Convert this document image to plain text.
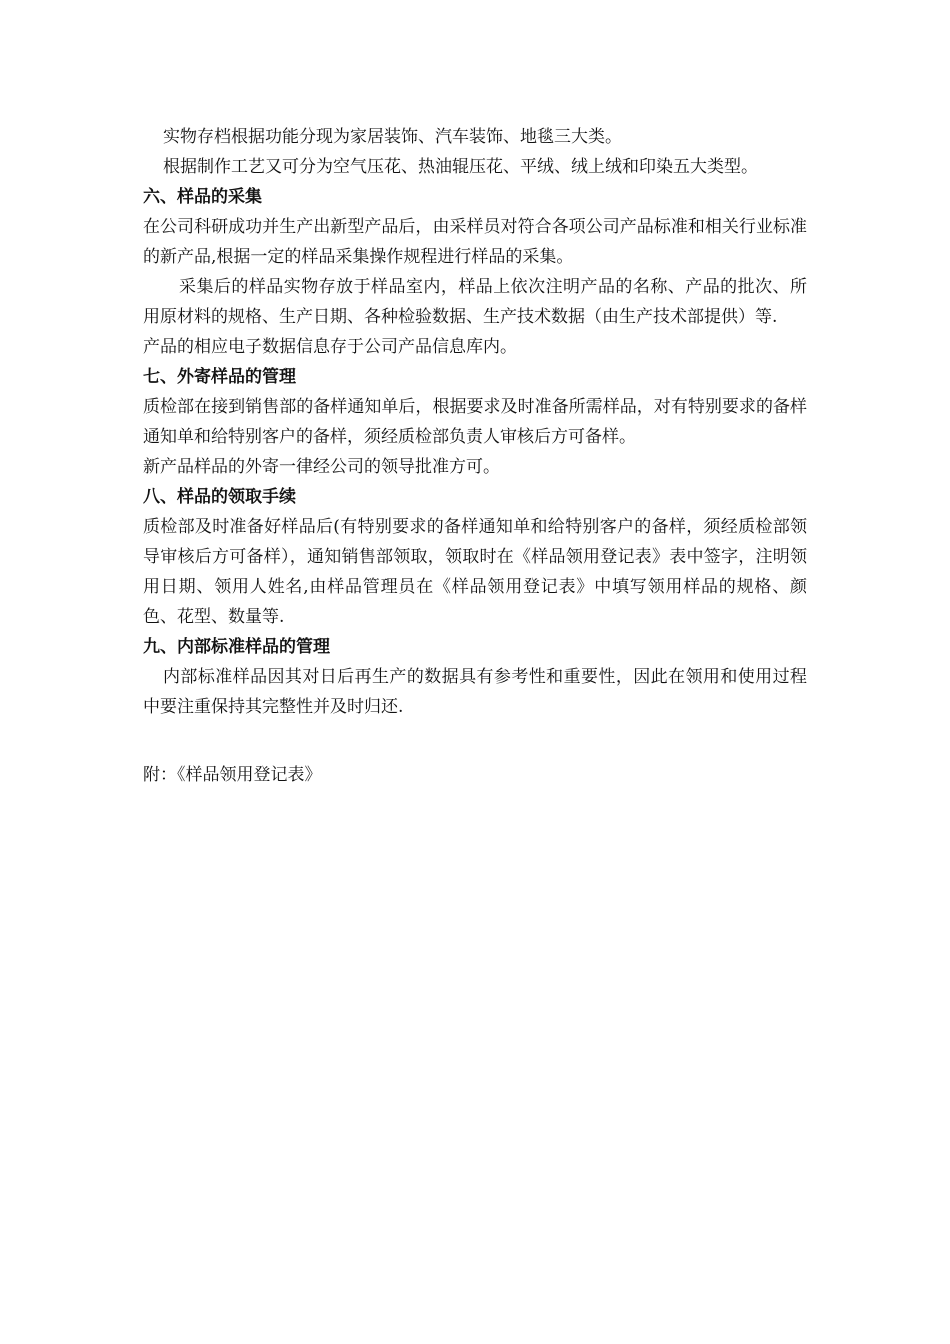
实物存档根据功能分现为家居装饰、汽车装饰、地毯三大类。

根据制作工艺又可分为空气压花、热油辊压花、平绒、绒上绒和印染五大类型。

六、样品的采集

在公司科研成功并生产出新型产品后，由采样员对符合各项公司产品标准和相关行业标准的新产品,根据一定的样品采集操作规程进行样品的采集。

采集后的样品实物存放于样品室内，样品上依次注明产品的名称、产品的批次、所用原材料的规格、生产日期、各种检验数据、生产技术数据（由生产技术部提供）等.

产品的相应电子数据信息存于公司产品信息库内。

七、外寄样品的管理

质检部在接到销售部的备样通知单后，根据要求及时准备所需样品，对有特别要求的备样通知单和给特别客户的备样，须经质检部负责人审核后方可备样。

新产品样品的外寄一律经公司的领导批准方可。

八、样品的领取手续

质检部及时准备好样品后(有特别要求的备样通知单和给特别客户的备样，须经质检部领导审核后方可备样），通知销售部领取，领取时在《样品领用登记表》表中签字，注明领用日期、领用人姓名,由样品管理员在《样品领用登记表》中填写领用样品的规格、颜色、花型、数量等.

九、内部标准样品的管理

内部标准样品因其对日后再生产的数据具有参考性和重要性，因此在领用和使用过程中要注重保持其完整性并及时归还.

附：《样品领用登记表》
